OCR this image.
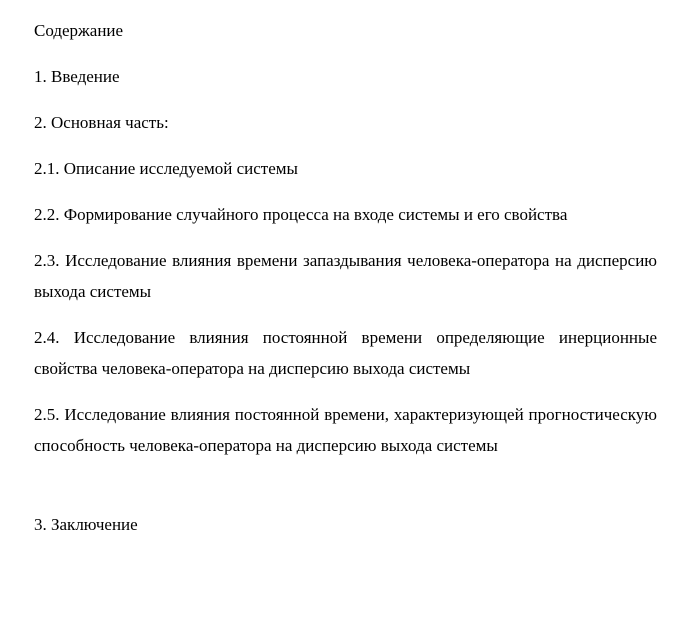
Содержание

1. Введение

2. Основная часть:

2.1. Описание исследуемой системы

2.2. Формирование случайного процесса на входе системы и его свойства

2.3. Исследование влияния времени запаздывания человека-оператора на дисперсию выхода системы

2.4. Исследование влияния постоянной времени определяющие инерционные свойства человека-оператора на дисперсию выхода системы

2.5. Исследование влияния постоянной времени, характеризующей прогностическую способность человека-оператора на дисперсию выхода системы

3. Заключение
